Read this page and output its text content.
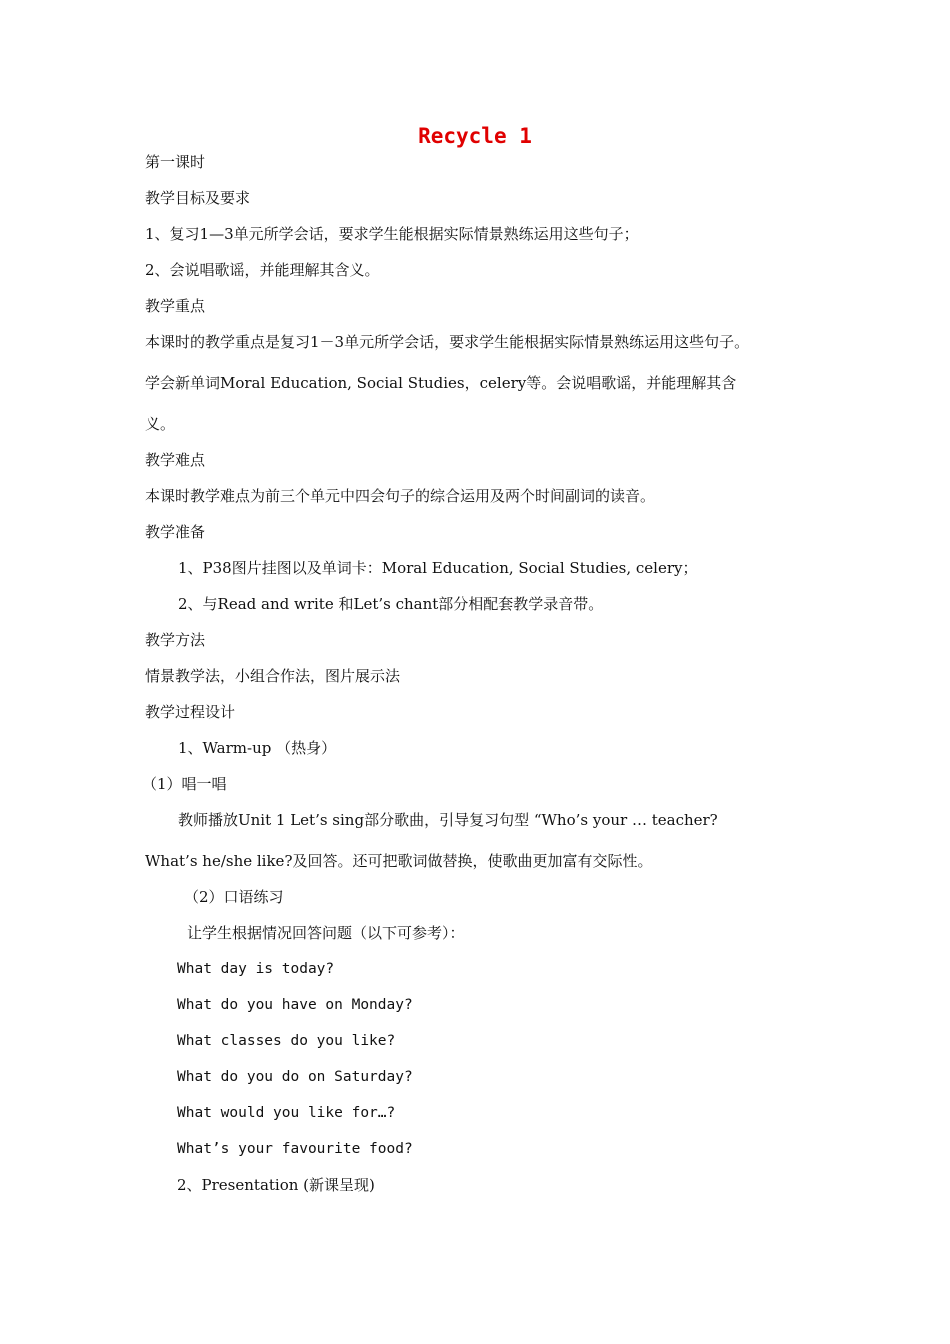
Recycle 1
第一课时
教学目标及要求
1、复习1—3单元所学会话，要求学生能根据实际情景熟练运用这些句子；
2、会说唱歌谣，并能理解其含义。
教学重点
本课时的教学重点是复习1－3单元所学会话，要求学生能根据实际情景熟练运用这些句子。
学会新单词Moral Education, Social Studies，celery等。会说唱歌谣，并能理解其含
义。
教学难点
本课时教学难点为前三个单元中四会句子的综合运用及两个时间副词的读音。
教学准备
1、P38图片挂图以及单词卡：Moral Education, Social Studies, celery；
2、与Read and write 和Let’s chant部分相配套教学录音带。
教学方法
情景教学法，小组合作法，图片展示法
教学过程设计
1、Warm-up （热身）
（1）唱一唱
教师播放Unit 1 Let’s sing部分歌曲，引导复习句型 “Who’s your … teacher?
What’s he/she like?及回答。还可把歌词做替换，使歌曲更加富有交际性。
（2）口语练习
让学生根据情况回答问题（以下可参考）：
What day is today?
What do you have on Monday?
What classes do you like?
What do you do on Saturday?
What would you like for…?
What’s your favourite food?
2、Presentation (新课呈现)
